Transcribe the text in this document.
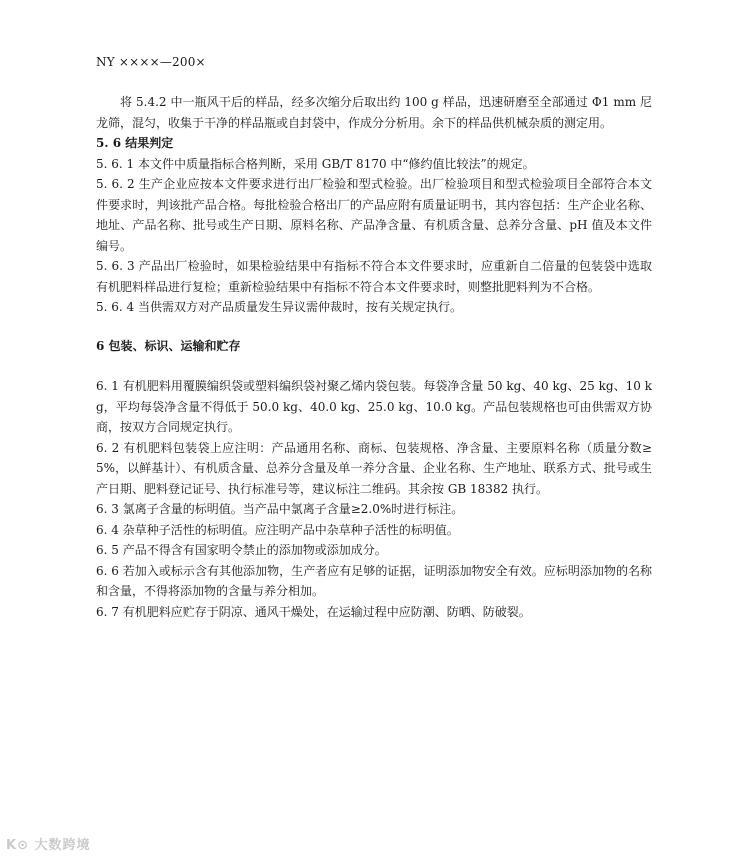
NY ××××—200×

将 5.4.2 中一瓶风干后的样品，经多次缩分后取出约 100 g 样品，迅速研磨至全部通过 Φ1 mm 尼龙筛，混匀，收集于干净的样品瓶或自封袋中，作成分分析用。余下的样品供机械杂质的测定用。

5. 6 结果判定

5. 6. 1 本文件中质量指标合格判断，采用 GB/T 8170 中“修约值比较法”的规定。

5. 6. 2 生产企业应按本文件要求进行出厂检验和型式检验。出厂检验项目和型式检验项目全部符合本文件要求时，判该批产品合格。每批检验合格出厂的产品应附有质量证明书，其内容包括：生产企业名称、地址、产品名称、批号或生产日期、原料名称、产品净含量、有机质含量、总养分含量、pH 值及本文件编号。

5. 6. 3 产品出厂检验时，如果检验结果中有指标不符合本文件要求时，应重新自二倍量的包装袋中选取有机肥料样品进行复检；重新检验结果中有指标不符合本文件要求时，则整批肥料判为不合格。

5. 6. 4 当供需双方对产品质量发生异议需仲裁时，按有关规定执行。

6 包装、标识、运输和贮存

6. 1 有机肥料用覆膜编织袋或塑料编织袋衬聚乙烯内袋包装。每袋净含量 50 kg、40 kg、25 kg、10 kg，平均每袋净含量不得低于 50.0 kg、40.0 kg、25.0 kg、10.0 kg。产品包装规格也可由供需双方协商，按双方合同规定执行。

6. 2 有机肥料包装袋上应注明：产品通用名称、商标、包装规格、净含量、主要原料名称（质量分数≥5%，以鲜基计）、有机质含量、总养分含量及单一养分含量、企业名称、生产地址、联系方式、批号或生产日期、肥料登记证号、执行标准号等，建议标注二维码。其余按 GB 18382 执行。

6. 3 氯离子含量的标明值。当产品中氯离子含量≥2.0%时进行标注。

6. 4 杂草种子活性的标明值。应注明产品中杂草种子活性的标明值。

6. 5 产品不得含有国家明令禁止的添加物或添加成分。

6. 6 若加入或标示含有其他添加物，生产者应有足够的证据，证明添加物安全有效。应标明添加物的名称和含量，不得将添加物的含量与养分相加。

6. 7 有机肥料应贮存于阴凉、通风干燥处，在运输过程中应防潮、防晒、防破裂。

K⊙ 大数跨境
